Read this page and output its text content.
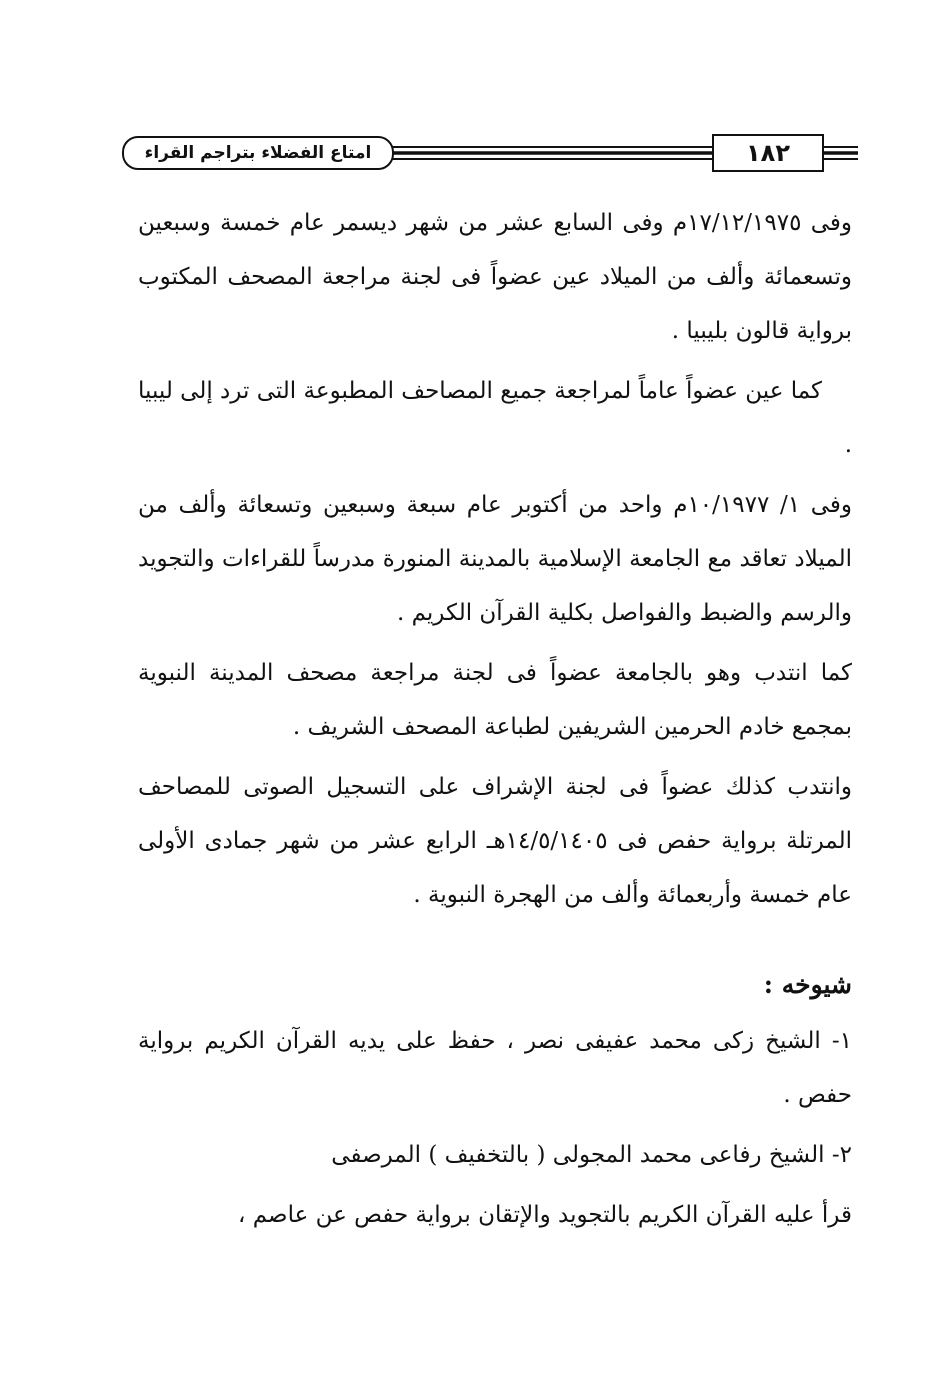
امتاع الفضلاء بتراجم القراء	١٨٢

وفى ١٧/١٢/١٩٧٥م وفى السابع عشر من شهر ديسمر عام خمسة وسبعين وتسعمائة وألف من الميلاد عين عضواً فى لجنة مراجعة المصحف المكتوب برواية قالون بليبيا .

كما عين عضواً عاماً لمراجعة جميع المصاحف المطبوعة التى ترد إلى ليبيا .

وفى ١/ ١٠/١٩٧٧م واحد من أكتوبر عام سبعة وسبعين وتسعائة وألف من الميلاد تعاقد مع الجامعة الإسلامية بالمدينة المنورة مدرساً للقراءات والتجويد والرسم والضبط والفواصل بكلية القرآن الكريم .

كما انتدب وهو بالجامعة عضواً فى لجنة مراجعة مصحف المدينة النبوية بمجمع خادم الحرمين الشريفين لطباعة المصحف الشريف .

وانتدب كذلك عضواً فى لجنة الإشراف على التسجيل الصوتى للمصاحف المرتلة برواية حفص فى ١٤/٥/١٤٠٥هـ الرابع عشر من شهر جمادى الأولى عام خمسة وأربعمائة وألف من الهجرة النبوية .

شيوخه :

١- الشيخ زكى محمد عفيفى نصر ، حفظ على يديه القرآن الكريم برواية حفص .

٢- الشيخ رفاعى محمد المجولى ( بالتخفيف ) المرصفى

قرأ عليه القرآن الكريم بالتجويد والإتقان برواية حفص عن عاصم ،
